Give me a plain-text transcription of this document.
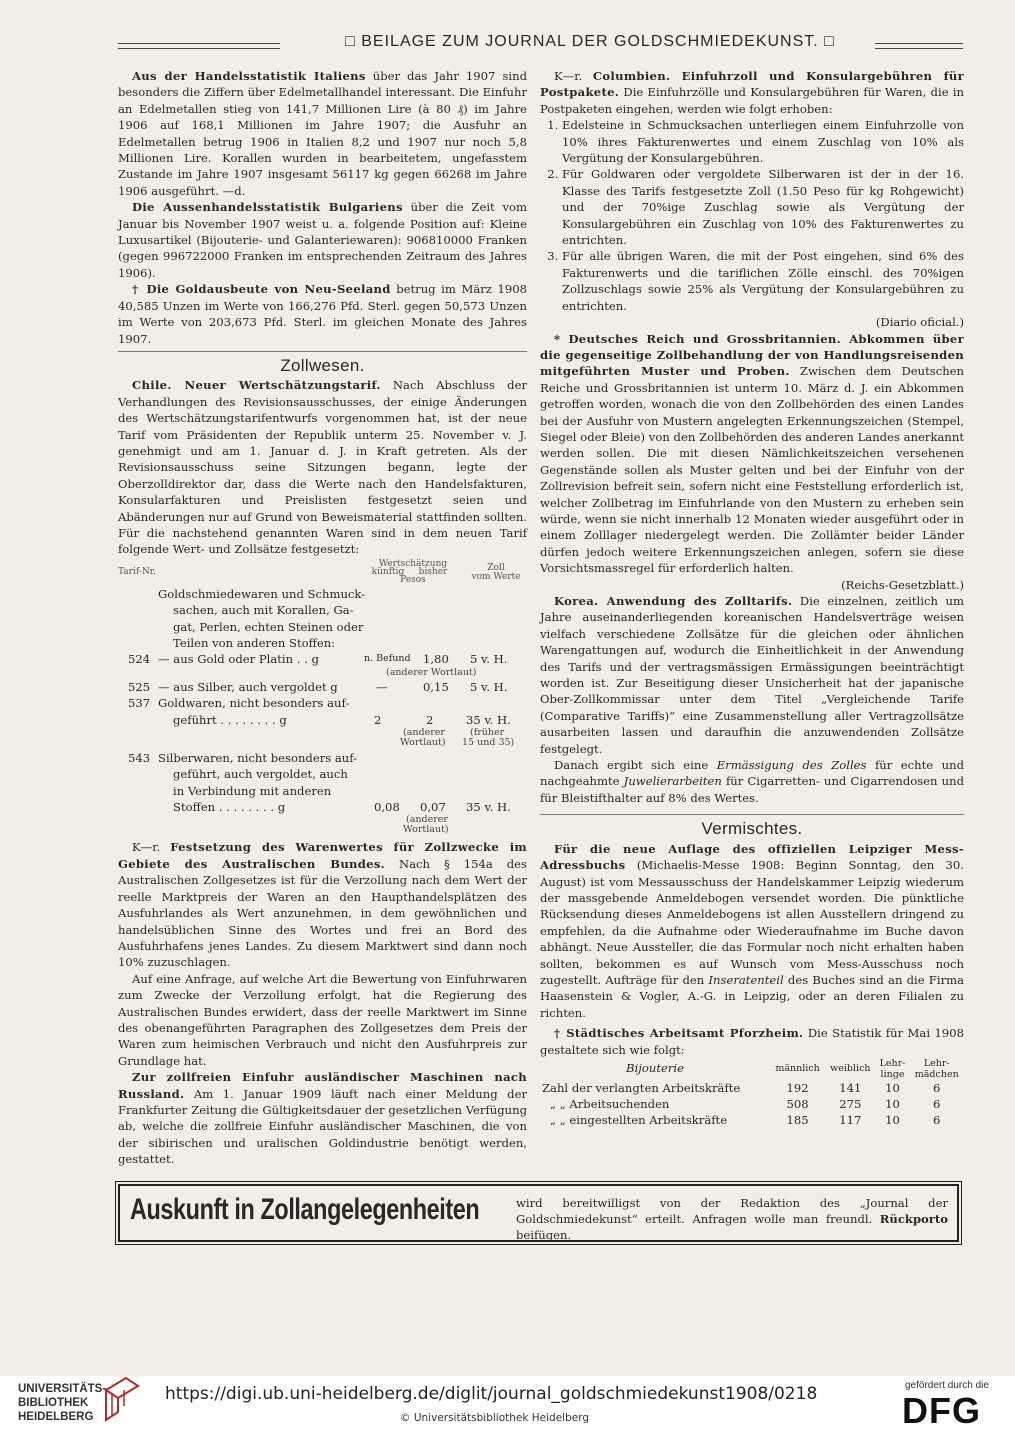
□ BEILAGE ZUM JOURNAL DER GOLDSCHMIEDEKUNST. □

Aus der Handelsstatistik Italiens über das Jahr 1907 sind besonders die Ziffern über Edelmetallhandel interessant. Die Einfuhr an Edelmetallen stieg von 141,7 Millionen Lire (à 80 ₰) im Jahre 1906 auf 168,1 Millionen im Jahre 1907; die Ausfuhr an Edelmetallen betrug 1906 in Italien 8,2 und 1907 nur noch 5,8 Millionen Lire. Korallen wurden in bearbeitetem, ungefasstem Zustande im Jahre 1907 insgesamt 56117 kg gegen 66268 im Jahre 1906 ausgeführt. —d.

Die Aussenhandelsstatistik Bulgariens über die Zeit vom Januar bis November 1907 weist u. a. folgende Position auf: Kleine Luxusartikel (Bijouterie- und Galanteriewaren): 906810000 Franken (gegen 996722000 Franken im entsprechenden Zeitraum des Jahres 1906).

† Die Goldausbeute von Neu-Seeland betrug im März 1908 40,585 Unzen im Werte von 166,276 Pfd. Sterl. gegen 50,573 Unzen im Werte von 203,673 Pfd. Sterl. im gleichen Monate des Jahres 1907.

Zollwesen.

Chile. Neuer Wertschätzungstarif. Nach Abschluss der Verhandlungen des Revisionsausschusses, der einige Änderungen des Wertschätzungstarifentwurfs vorgenommen hat, ist der neue Tarif vom Präsidenten der Republik unterm 25. November v. J. genehmigt und am 1. Januar d. J. in Kraft getreten. Als der Revisionsausschuss seine Sitzungen begann, legte der Oberzolldirektor dar, dass die Werte nach den Handelsfakturen, Konsularfakturen und Preislisten festgesetzt seien und Abänderungen nur auf Grund von Beweismaterial stattfinden sollten. Für die nachstehend genannten Waren sind in dem neuen Tarif folgende Wert- und Zollsätze festgesetzt:

Tarif-Nr.
Wertschätzung
künftig	bisher
Pesos
Zoll
vom Werte
Goldschmiedewaren und Schmuck-
sachen, auch mit Korallen, Ga-
gat, Perlen, echten Steinen oder
Teilen von anderen Stoffen:
524 — aus Gold oder Platin . . g	n. Befund 1,80 5 v. H.
(anderer Wortlaut)
525 — aus Silber, auch vergoldet g	—	0,15 5 v. H.
537 Goldwaren, nicht besonders auf-
geführt . . . . . . . . g	2	2	35 v. H.
(anderer
Wortlaut)
(früher
15 und 35)
543 Silberwaren, nicht besonders auf-
geführt, auch vergoldet, auch
in Verbindung mit anderen
Stoffen . . . . . . . . g	0,08 0,07 35 v. H.
(anderer
Wortlaut)

K—r. Festsetzung des Warenwertes für Zollzwecke im Gebiete des Australischen Bundes. Nach § 154a des Australischen Zollgesetzes ist für die Verzollung nach dem Wert der reelle Marktpreis der Waren an den Haupthandelsplätzen des Ausfuhrlandes als Wert anzunehmen, in dem gewöhnlichen und handelsüblichen Sinne des Wortes und frei an Bord des Ausfuhrhafens jenes Landes. Zu diesem Marktwert sind dann noch 10% zuzuschlagen.

Auf eine Anfrage, auf welche Art die Bewertung von Einfuhrwaren zum Zwecke der Verzollung erfolgt, hat die Regierung des Australischen Bundes erwidert, dass der reelle Marktwert im Sinne des obenangeführten Paragraphen des Zollgesetzes dem Preis der Waren zum heimischen Verbrauch und nicht den Ausfuhrpreis zur Grundlage hat.

Zur zollfreien Einfuhr ausländischer Maschinen nach Russland. Am 1. Januar 1909 läuft nach einer Meldung der Frankfurter Zeitung die Gültigkeitsdauer der gesetzlichen Verfügung ab, welche die zollfreie Einfuhr ausländischer Maschinen, die von der sibirischen und uralischen Goldindustrie benötigt werden, gestattet.

K—r. Columbien. Einfuhrzoll und Konsulargebühren für Postpakete. Die Einfuhrzölle und Konsulargebühren für Waren, die in Postpaketen eingehen, werden wie folgt erhoben:

1. Edelsteine in Schmucksachen unterliegen einem Einfuhrzolle von 10% ihres Fakturenwertes und einem Zuschlag von 10% als Vergütung der Konsulargebühren.
2. Für Goldwaren oder vergoldete Silberwaren ist der in der 16. Klasse des Tarifs festgesetzte Zoll (1.50 Peso für kg Rohgewicht) und der 70%ige Zuschlag sowie als Vergütung der Konsulargebühren ein Zuschlag von 10% des Fakturenwertes zu entrichten.
3. Für alle übrigen Waren, die mit der Post eingehen, sind 6% des Fakturenwerts und die tariflichen Zölle einschl. des 70%igen Zollzuschlags sowie 25% als Vergütung der Konsulargebühren zu entrichten.
(Diario oficial.)

* Deutsches Reich und Grossbritannien. Abkommen über die gegenseitige Zollbehandlung der von Handlungsreisenden mitgeführten Muster und Proben. Zwischen dem Deutschen Reiche und Grossbritannien ist unterm 10. März d. J. ein Abkommen getroffen worden, wonach die von den Zollbehörden des einen Landes bei der Ausfuhr von Mustern angelegten Erkennungszeichen (Stempel, Siegel oder Bleie) von den Zollbehörden des anderen Landes anerkannt werden sollen. Die mit diesen Nämlichkeitszeichen versehenen Gegenstände sollen als Muster gelten und bei der Einfuhr von der Zollrevision befreit sein, sofern nicht eine Feststellung erforderlich ist, welcher Zollbetrag im Einfuhrlande von den Mustern zu erheben sein würde, wenn sie nicht innerhalb 12 Monaten wieder ausgeführt oder in einem Zolllager niedergelegt werden. Die Zollämter beider Länder dürfen jedoch weitere Erkennungszeichen anlegen, sofern sie diese Vorsichtsmassregel für erforderlich halten.

(Reichs-Gesetzblatt.)

Korea. Anwendung des Zolltarifs. Die einzelnen, zeitlich um Jahre auseinanderliegenden koreanischen Handelsverträge weisen vielfach verschiedene Zollsätze für die gleichen oder ähnlichen Warengattungen auf, wodurch die Einheitlichkeit in der Anwendung des Tarifs und der vertragsmässigen Ermässigungen beeinträchtigt worden ist. Zur Beseitigung dieser Unsicherheit hat der japanische Ober-Zollkommissar unter dem Titel „Vergleichende Tarife (Comparative Tariffs)“ eine Zusammenstellung aller Vertragzollsätze ausarbeiten lassen und daraufhin die anzuwendenden Zollsätze festgelegt.

Danach ergibt sich eine Ermässigung des Zolles für echte und nachgeahmte Juwelierarbeiten für Cigarretten- und Cigarrendosen und für Bleistifthalter auf 8% des Wertes.

Vermischtes.

Für die neue Auflage des offiziellen Leipziger Mess-Adressbuchs (Michaelis-Messe 1908: Beginn Sonntag, den 30. August) ist vom Messausschuss der Handelskammer Leipzig wiederum der massgebende Anmeldebogen versendet worden. Die pünktliche Rücksendung dieses Anmeldebogens ist allen Ausstellern dringend zu empfehlen, da die Aufnahme oder Wiederaufnahme im Buche davon abhängt. Neue Aussteller, die das Formular noch nicht erhalten haben sollten, bekommen es auf Wunsch vom Mess-Ausschuss noch zugestellt. Aufträge für den Inseratenteil des Buches sind an die Firma Haasenstein & Vogler, A.-G. in Leipzig, oder an deren Filialen zu richten.

† Städtisches Arbeitsamt Pforzheim. Die Statistik für Mai 1908 gestaltete sich wie folgt:

Bijouterie	männlich	weiblich	Lehr-
linge	Lehr-
mädchen
Zahl der verlangten Arbeitskräfte	192	141	10	6
„ „ Arbeitsuchenden	508	275	10	6
„ „ eingestellten Arbeitskräfte	185	117	10	6
Auskunft in Zollangelegenheiten	wird bereitwilligst von der Redaktion des „Journal der Goldschmiedekunst“ erteilt. Anfragen wolle man freundl. Rückporto beifügen.
UNIVERSITÄTS-
BIBLIOTHEK
HEIDELBERG
https://digi.ub.uni-heidelberg.de/diglit/journal_goldschmiedekunst1908/0218
© Universitätsbibliothek Heidelberg
gefördert durch die
DFG
